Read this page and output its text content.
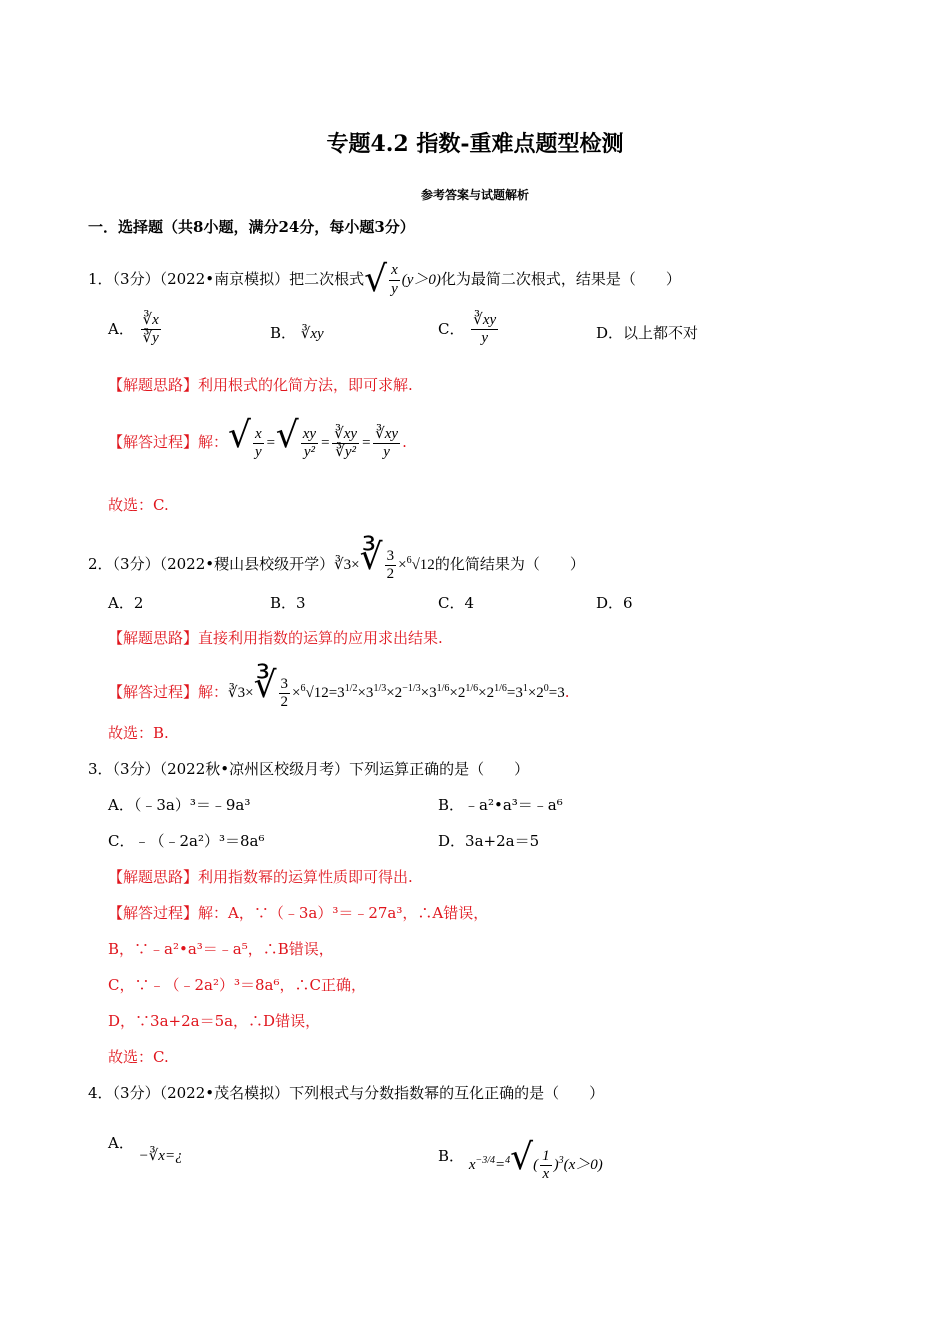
专题4.2 指数-重难点题型检测
参考答案与试题解析
一．选择题（共8小题，满分24分，每小题3分）
1．（3分）（2022•南京模拟）把二次根式 √ x
y
(y＞0)化为最简二次根式，结果是（　　）
A． $\frac{∛x}{∛y}$	B． ∛xy	C． $\frac{∛xy}{y}$	D．以上都不对
【解题思路】利用根式的化简方法，即可求解.
【解答过程】解：√ $\frac{x}{y}$ =√ $\frac{xy}{\text{y²}} = \frac{∛xy}{\text{∛y²}} = \frac{∛xy}{y}$ .
故选：C.
2．（3分）（2022•稷山县校级开学）∛3×∛ $\frac{3}{2} \times^6√12$的化简结果为（　　）
A．2	B．3	C．4	D．6
【解题思路】直接利用指数的运算的应用求出结果.
【解答过程】解：∛3×∛ $\frac{3}{2} \times^6√12=3^{1/2}\times 3^{1/3}\times 2^{-1/3}\times 3^{1/6}\times 2^{1/6}\times 2^{1/6}=3^1\times 2^0=3$.
故选：B.
3．（3分）（2022秋•凉州区校级月考）下列运算正确的是（　　）
A．（﹣3a）³＝﹣9a³	B．﹣a²•a³＝﹣a⁶
C．﹣（﹣2a²）³＝8a⁶	D．3a+2a＝5
【解题思路】利用指数幂的运算性质即可得出.
【解答过程】解：A，∵（﹣3a）³＝﹣27a³，∴A错误，
B，∵﹣a²•a³＝﹣a⁵，∴B错误，
C，∵﹣（﹣2a²）³＝8a⁶，∴C正确，
D，∵3a+2a＝5a，∴D错误，
故选：C.
4．（3分）（2022•茂名模拟）下列根式与分数指数幂的互化正确的是（　　）
A． −∛x=¿	B． $x^{-3/4}=^4√( \frac{1}{x} )^3(x>0)$
